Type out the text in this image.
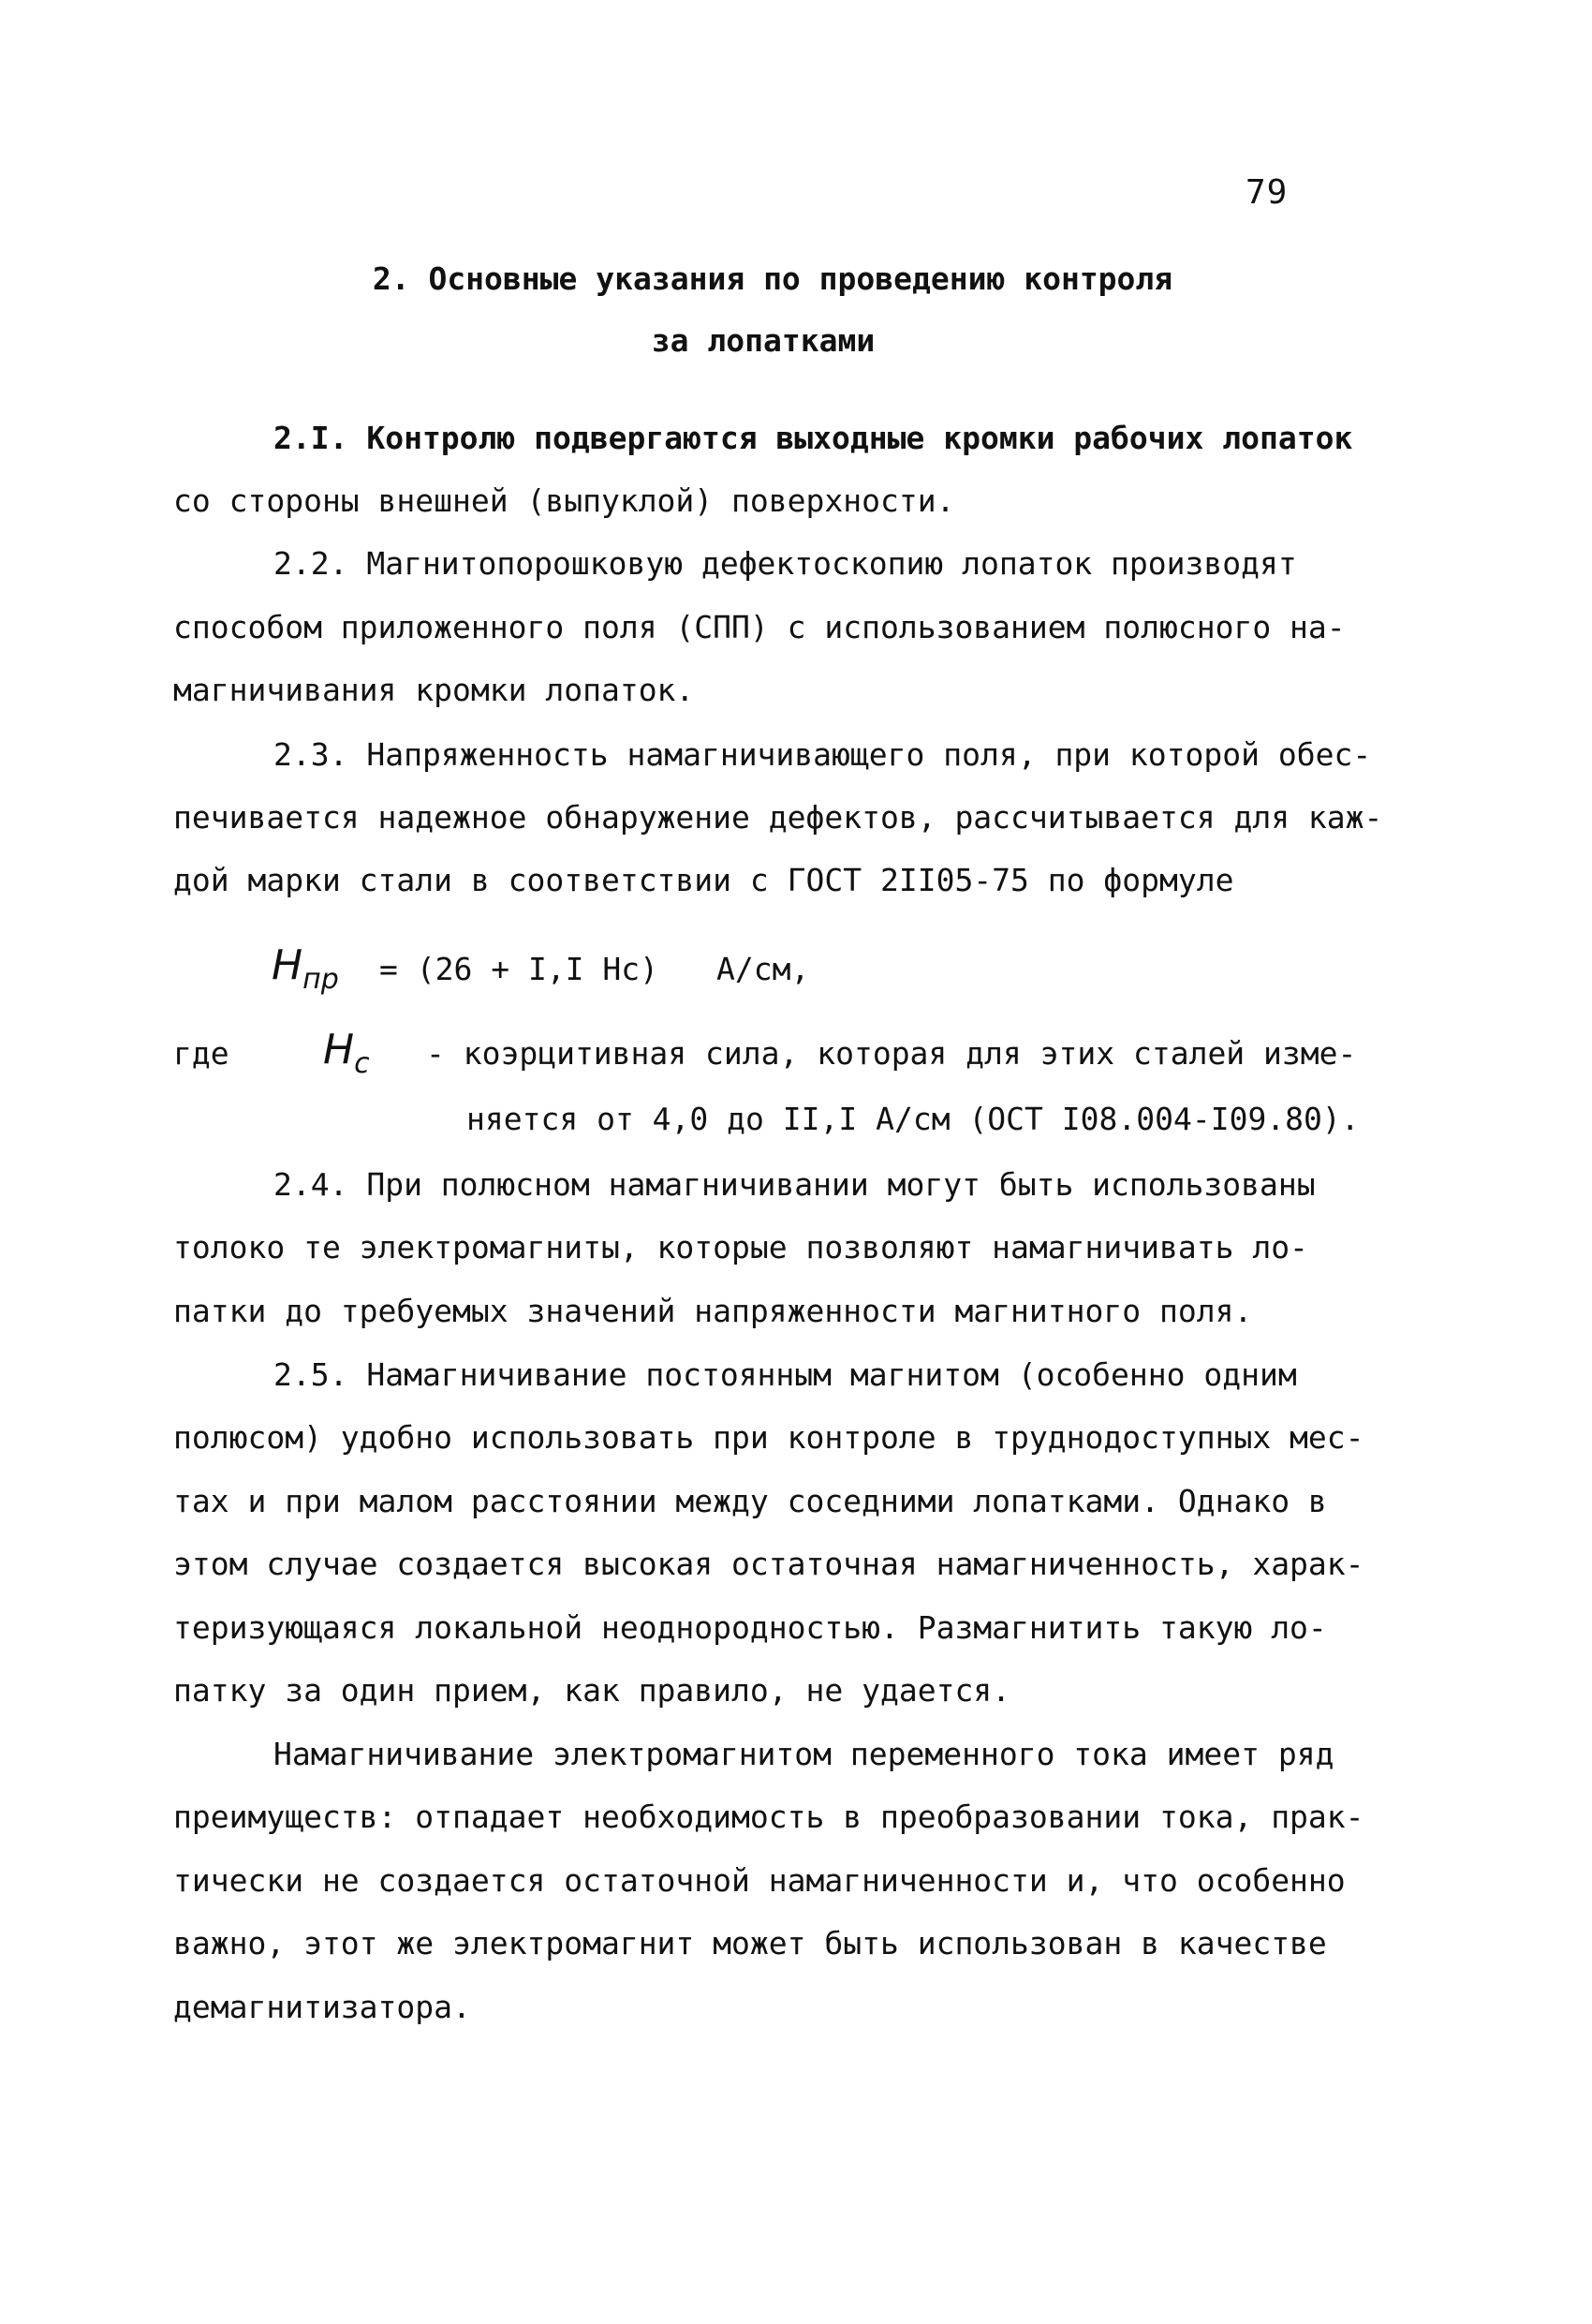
79
2. Основные указания по проведению контроля
за лопатками
2.I. Контролю подвергаются выходные кромки рабочих лопаток
со стороны внешней (выпуклой) поверхности.
2.2. Магнитопорошковую дефектоскопию лопаток производят
способом приложенного поля (СПП) с использованием полюсного на-
магничивания кромки лопаток.
2.3. Напряженность намагничивающего поля, при которой обес-
печивается надежное обнаружение дефектов, рассчитывается для каж-
дой марки стали в соответствии с ГОСТ 2II05-75 по формуле
$H_{пр} = (26 + I,I$ Hc) А/см,
где $H_c$ - коэрцитивная сила, которая для этих сталей изме-
няется от 4,0 до II,I А/см (ОСТ I08.004-I09.80).
2.4. При полюсном намагничивании могут быть использованы
толоко те электромагниты, которые позволяют намагничивать ло-
патки до требуемых значений напряженности магнитного поля.
2.5. Намагничивание постоянным магнитом (особенно одним
полюсом) удобно использовать при контроле в труднодоступных мес-
тах и при малом расстоянии между соседними лопатками. Однако в
этом случае создается высокая остаточная намагниченность, харак-
теризующаяся локальной неоднородностью. Размагнитить такую ло-
патку за один прием, как правило, не удается.
Намагничивание электромагнитом переменного тока имеет ряд
преимуществ: отпадает необходимость в преобразовании тока, прак-
тически не создается остаточной намагниченности и, что особенно
важно, этот же электромагнит может быть использован в качестве
демагнитизатора.
